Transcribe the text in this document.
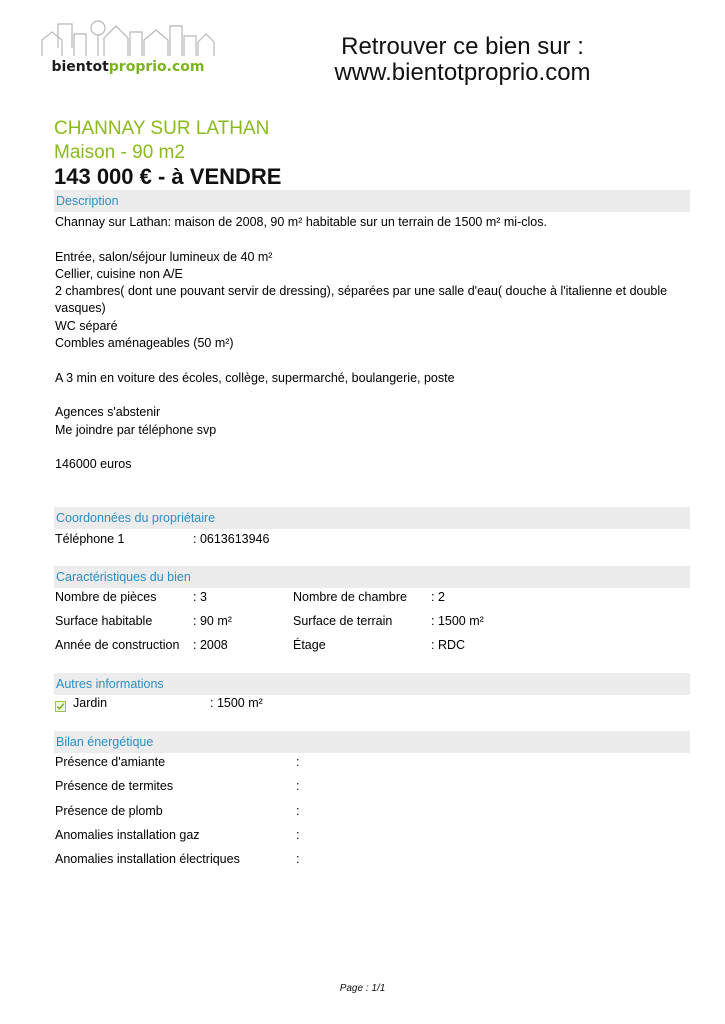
bientotproprio.com
Retrouver ce bien sur :
www.bientotproprio.com
CHANNAY SUR LATHAN
Maison - 90 m2
143 000 € - à VENDRE
Description

Channay sur Lathan: maison de 2008, 90 m² habitable sur un terrain de 1500 m² mi-clos.

Entrée, salon/séjour lumineux de 40 m²

Cellier, cuisine non A/E

2 chambres( dont une pouvant servir de dressing), séparées par une salle d'eau( douche à l'italienne et double vasques)

WC séparé

Combles aménageables (50 m²)

A 3 min en voiture des écoles, collège, supermarché, boulangerie, poste

Agences s'abstenir

Me joindre par téléphone svp

146000 euros

Coordonnées du propriétaire
Téléphone 1	: 0613613946
Caractéristiques du bien
Nombre de pièces	: 3	Nombre de chambre : 2
Surface habitable	: 90 m²	Surface de terrain	: 1500 m²
Année de construction : 2008	Étage	: RDC
Autres informations
Jardin	: 1500 m²
Bilan énergétique
Présence d'amiante	:
Présence de termites	:
Présence de plomb	:
Anomalies installation gaz	:
Anomalies installation électriques	:
Page : 1/1
